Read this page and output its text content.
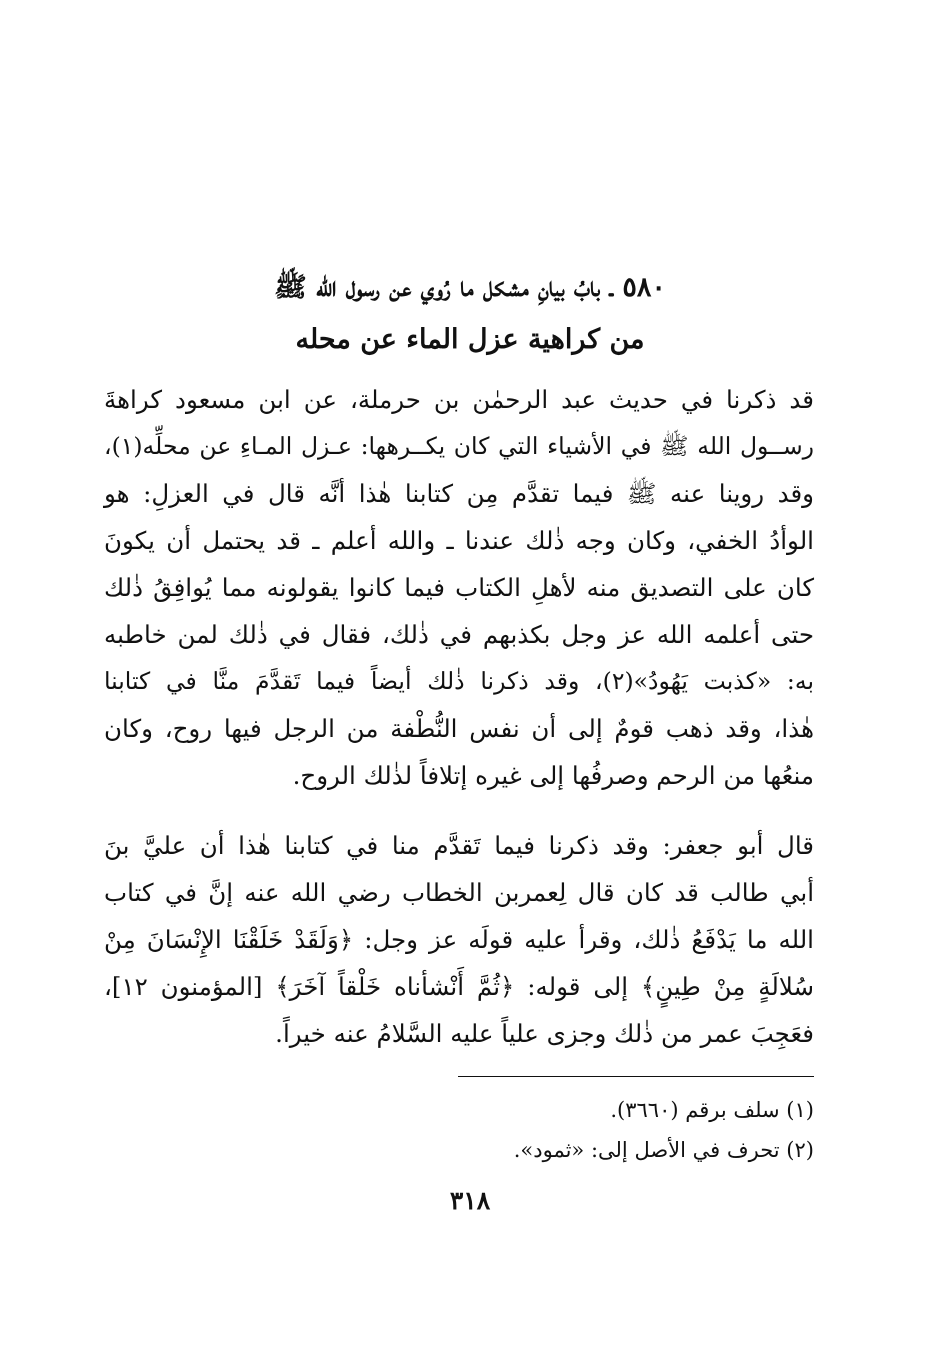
٥٨٠ ـ بابُ بيانِ مشكل ما رُوي عن رسول الله ﷺ
من كراهية عزل الماء عن محله
قد ذكرنا في حديث عبد الرحمٰن بن حرملة، عن ابن مسعود كراهةَ
رســول الله ﷺ في الأشياء التي كان يكــرهها: عـزل المـاءِ عن محلِّه(١)،
وقد روينا عنه ﷺ فيما تقدَّم مِن كتابنا هٰذا أنَّه قال في العزلِ: هو
الوأدُ الخفي، وكان وجه ذٰلك عندنا ـ والله أعلم ـ قد يحتمل أن يكونَ
كان على التصديق منه لأهلِ الكتاب فيما كانوا يقولونه مما يُوافِقُ ذٰلك
حتى أعلمه الله عز وجل بكذبهم في ذٰلك، فقال في ذٰلك لمن خاطبه
به: «كذبت يَهُودُ»(٢)، وقد ذكرنا ذٰلك أيضاً فيما تَقدَّمَ منَّا في كتابنا
هٰذا، وقد ذهب قومٌ إلى أن نفس النُّطْفة من الرجل فيها روح، وكان
منعُها من الرحم وصرفُها إلى غيره إتلافاً لذٰلك الروح.
قال أبو جعفر: وقد ذكرنا فيما تَقدَّم منا في كتابنا هٰذا أن عليَّ بنَ
أبي طالب قد كان قال لِعمربن الخطاب رضي الله عنه إنَّ في كتاب
الله ما يَدْفَعُ ذٰلك، وقرأ عليه قولَه عز وجل: ﴿وَلَقَدْ خَلَقْنَا الإِنْسَانَ مِنْ
سُلالَةٍ مِنْ طِينٍ﴾ إلى قوله: ﴿ثُمَّ أَنْشأناه خَلْقاً آخَرَ﴾ [المؤمنون ١٢]،
فعَجِبَ عمر من ذٰلك وجزى علياً عليه السَّلامُ عنه خيراً.
(١) سلف برقم (٣٦٦٠).
(٢) تحرف في الأصل إلى: «ثمود».
٣١٨
